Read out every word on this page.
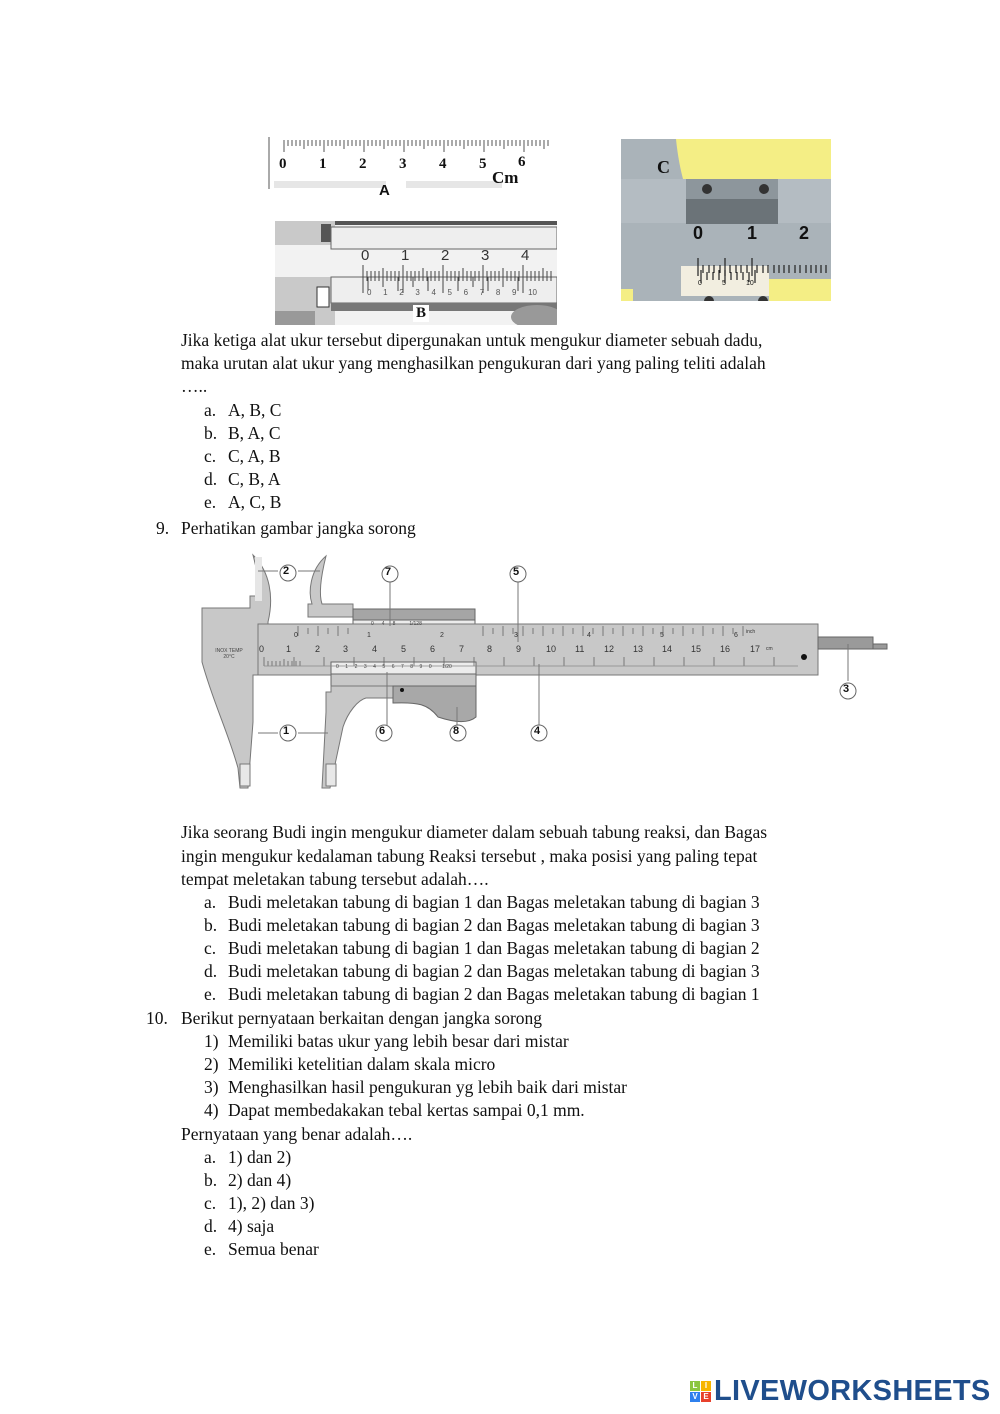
0 1 2 3 4 5 6
Cm
A
0 1 2 3 4
0 1 2 3 4 5 6 7 8 9 10
B
C
0 1 2
0	5	10
Jika ketiga alat ukur tersebut dipergunakan untuk mengukur diameter sebuah dadu,
maka urutan alat ukur yang menghasilkan pengukuran dari yang paling teliti adalah
…..
a. A, B, C
b. B, A, C
c. C, A, B
d. C, B, A
e. A, C, B
9. Perhatikan gambar jangka sorong
1
2
3
4
5
6
7
8
INOX TEMP 20°C
0 1	2	3	4	5	6	7	8	9	10 11 12 13 14 15 16 17 cm
0	1	2	3	4	5	6 inch
0 4 8	1/128
0 1 2 3 4 5 6 7 8 9 0 1/20
Jika seorang Budi ingin mengukur diameter dalam sebuah tabung reaksi, dan Bagas
ingin mengukur kedalaman tabung Reaksi tersebut , maka posisi yang paling tepat
tempat meletakan tabung tersebut adalah….
a. Budi meletakan tabung di bagian 1 dan Bagas meletakan tabung di bagian 3
b. Budi meletakan tabung di bagian 2 dan Bagas meletakan tabung di bagian 3
c. Budi meletakan tabung di bagian 1 dan Bagas meletakan tabung di bagian 2
d. Budi meletakan tabung di bagian 2 dan Bagas meletakan tabung di bagian 3
e. Budi meletakan tabung di bagian 2 dan Bagas meletakan tabung di bagian 1
10. Berikut pernyataan berkaitan dengan jangka sorong
1) Memiliki batas ukur yang lebih besar dari mistar
2) Memiliki ketelitian dalam skala micro
3) Menghasilkan hasil pengukuran yg lebih baik dari mistar
4) Dapat membedakakan tebal kertas sampai 0,1 mm.
Pernyataan yang benar adalah….
a. 1) dan 2)
b. 2) dan 4)
c. 1), 2) dan 3)
d. 4) saja
e. Semua benar
L I
V E LIVEWORKSHEETS
